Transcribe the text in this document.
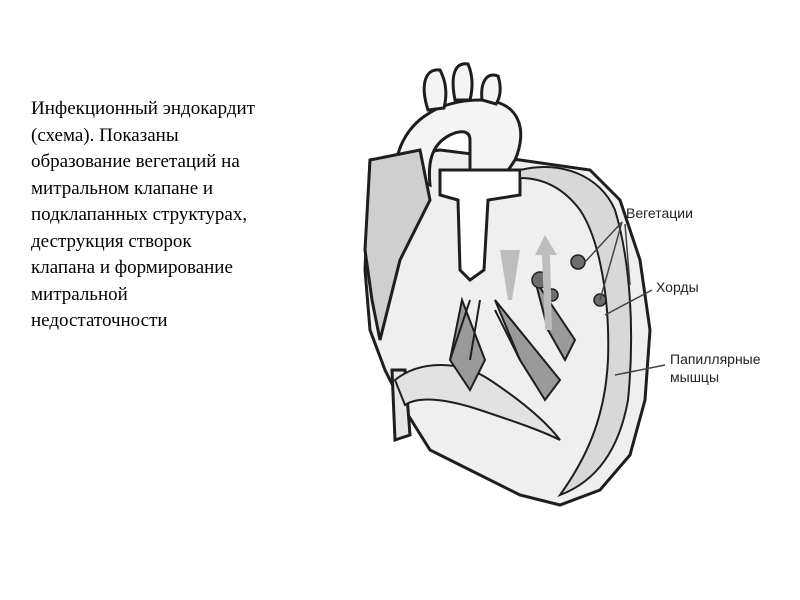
Инфекционный эндокардит
(схема). Показаны
образование вегетаций на
митральном клапане и
подклапанных структурах,
деструкция створок
клапана и формирование
митральной
недостаточности
Вегетации
Хорды
Папиллярные
мышцы
